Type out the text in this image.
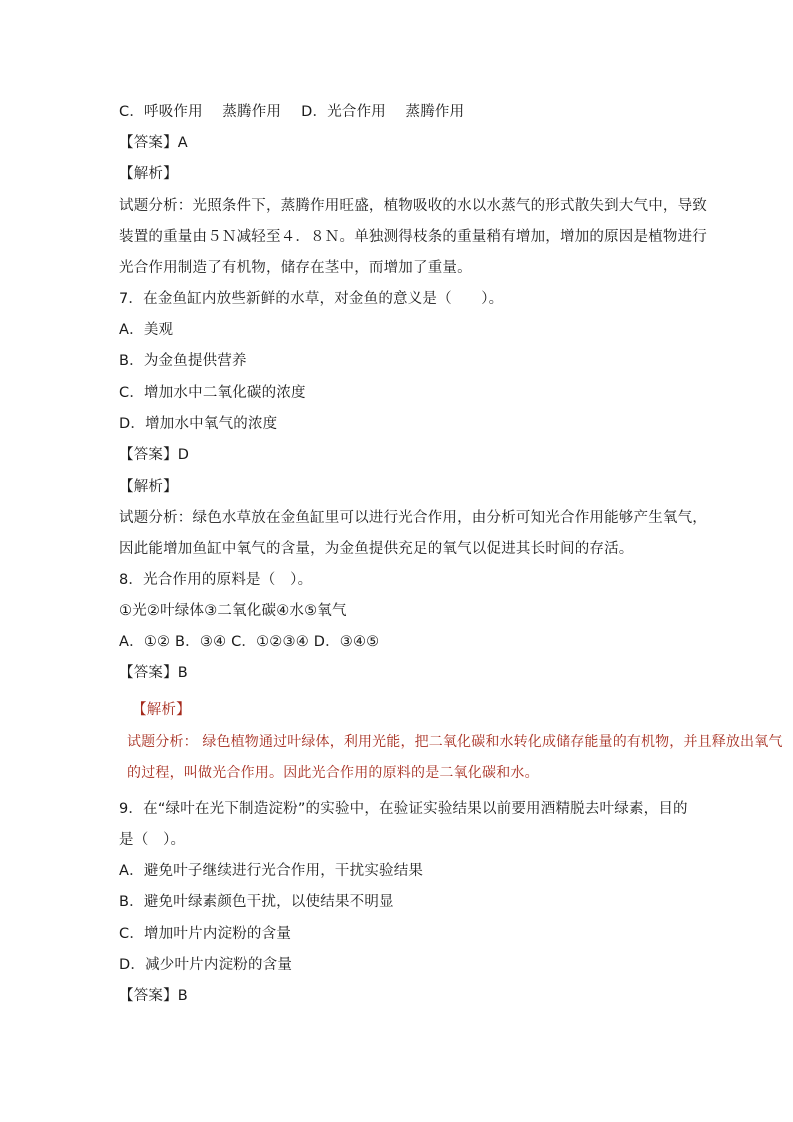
C．呼吸作用　 蒸腾作用 D．光合作用　 蒸腾作用
【答案】A
【解析】
试题分析：光照条件下，蒸腾作用旺盛，植物吸收的水以水蒸气的形式散失到大气中，导致
装置的重量由５Ｎ减轻至４．８Ｎ。单独测得枝条的重量稍有增加，增加的原因是植物进行
光合作用制造了有机物，储存在茎中，而增加了重量。
7．在金鱼缸内放些新鲜的水草，对金鱼的意义是（　　）。
A．美观
B．为金鱼提供营养
C．增加水中二氧化碳的浓度
D．增加水中氧气的浓度
【答案】D
【解析】
试题分析：绿色水草放在金鱼缸里可以进行光合作用，由分析可知光合作用能够产生氧气，
因此能增加鱼缸中氧气的含量，为金鱼提供充足的氧气以促进其长时间的存活。
8．光合作用的原料是（　）。
①光②叶绿体③二氧化碳④水⑤氧气
A．①② B．③④ C．①②③④ D．③④⑤
【答案】B
【解析】
试题分析： 绿色植物通过叶绿体，利用光能，把二氧化碳和水转化成储存能量的有机物，并且释放出氧气
的过程，叫做光合作用。因此光合作用的原料的是二氧化碳和水。
9．在“绿叶在光下制造淀粉”的实验中，在验证实验结果以前要用酒精脱去叶绿素，目的
是（　）。
A．避免叶子继续进行光合作用，干扰实验结果
B．避免叶绿素颜色干扰，以使结果不明显
C．增加叶片内淀粉的含量
D．减少叶片内淀粉的含量
【答案】B
